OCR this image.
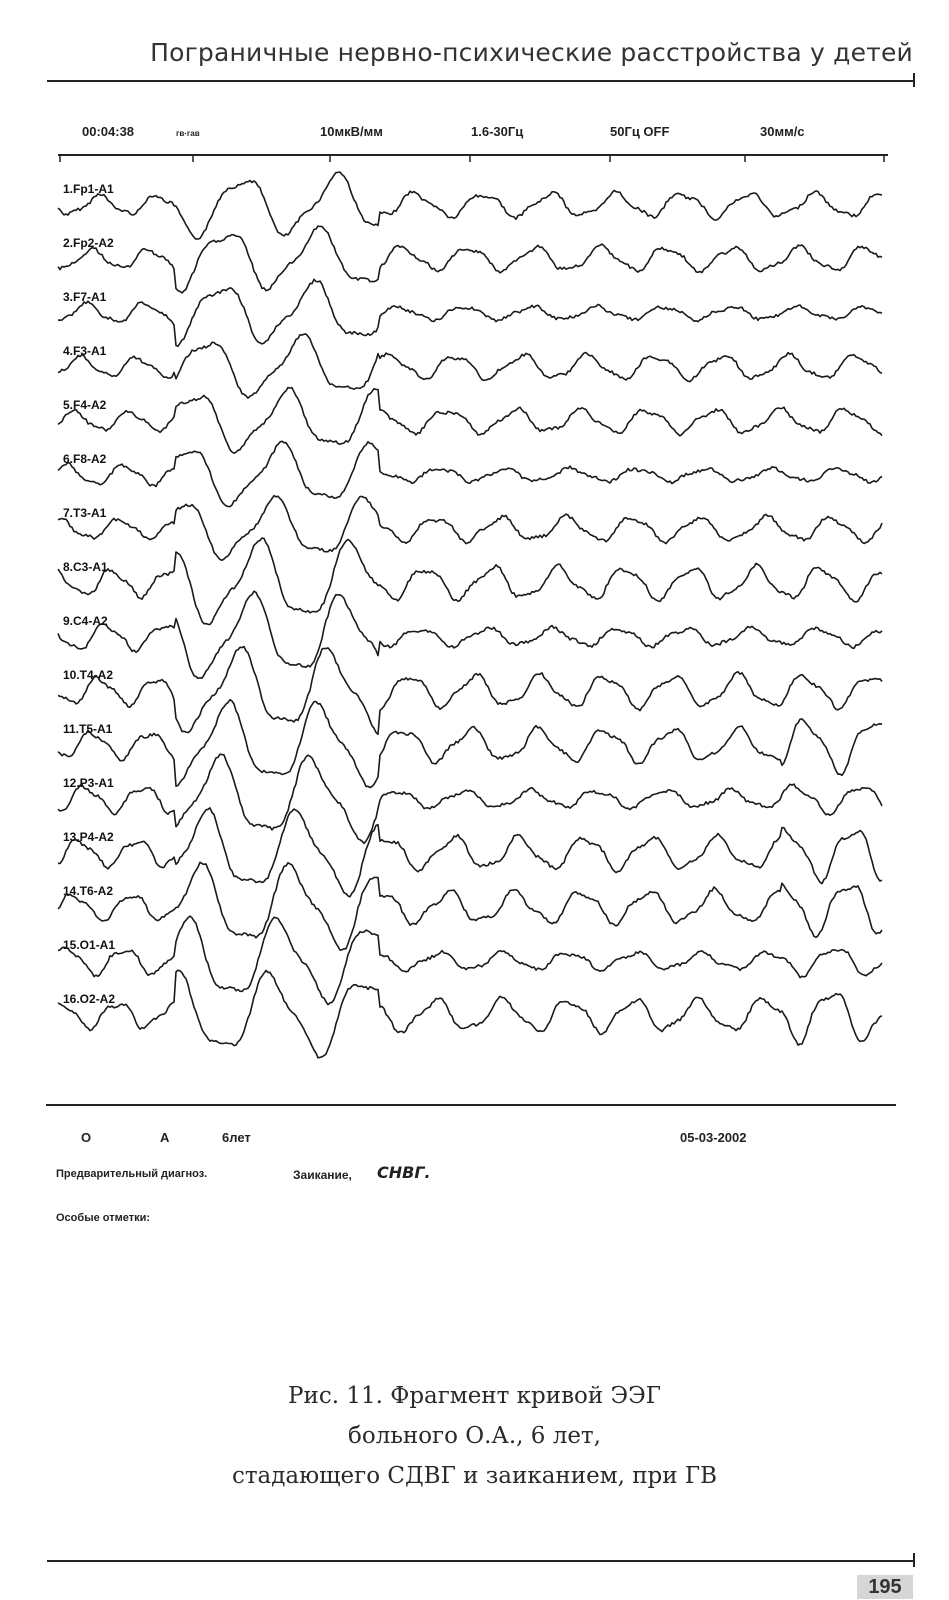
Пограничные нервно-психические расстройства у детей
00:04:38	гв·гав	10мкВ/мм	1.6-30Гц	50Гц OFF	30мм/с
1.Fp1-A1
2.Fp2-A2
3.F7-A1
4.F3-A1
5.F4-A2
6.F8-A2
7.T3-A1
8.C3-A1
9.C4-A2
10.T4-A2
11.T5-A1
12.P3-A1
13.P4-A2
14.T6-A2
15.O1-A1
16.O2-A2
О	А	6лет	05-03-2002
Предварительный диагноз.	Заикание, СНВГ.
Особые отметки:
Рис. 11. Фрагмент кривой ЭЭГ
больного О.А., 6 лет,
стадающего СДВГ и заиканием, при ГВ
195
